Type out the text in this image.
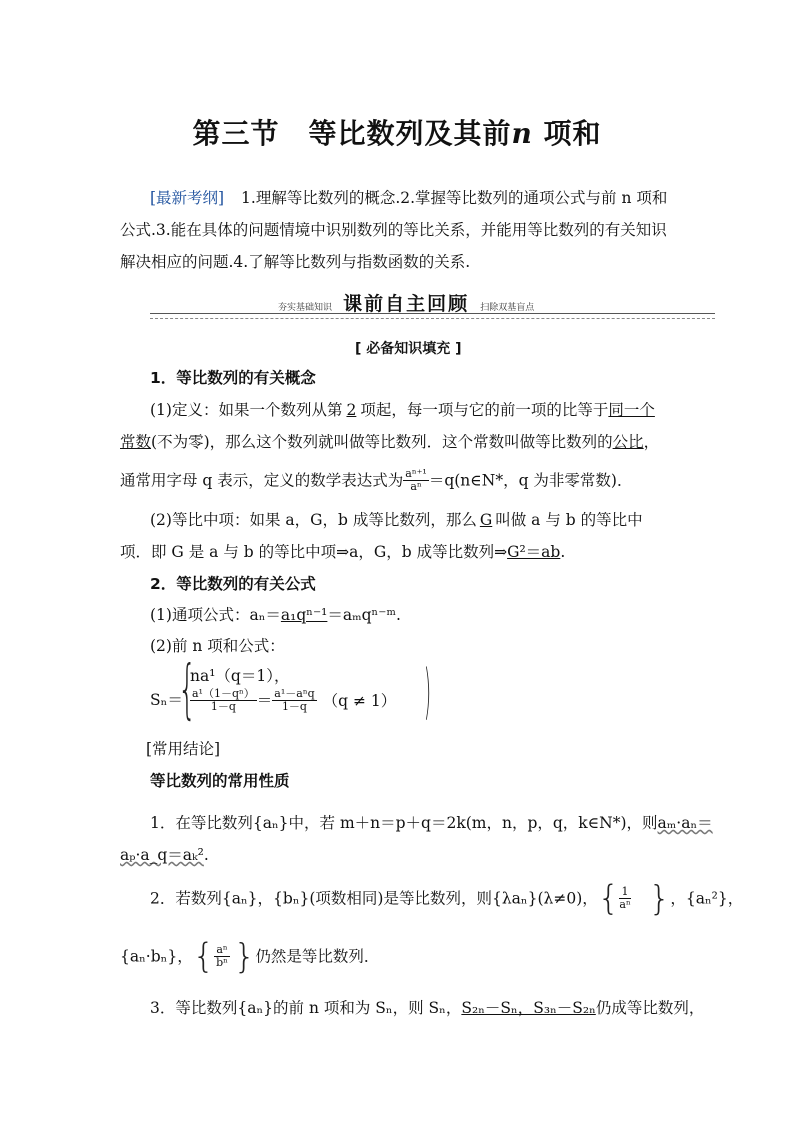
第三节　等比数列及其前n 项和
[最新考纲] 1.理解等比数列的概念.2.掌握等比数列的通项公式与前 n 项和
公式.3.能在具体的问题情境中识别数列的等比关系，并能用等比数列的有关知识
解决相应的问题.4.了解等比数列与指数函数的关系.
夯实基础知识 课前自主回顾 扫除双基盲点
[ 必备知识填充 ]
1．等比数列的有关概念
(1)定义：如果一个数列从第 2 项起，每一项与它的前一项的比等于同一个
常数(不为零)，那么这个数列就叫做等比数列．这个常数叫做等比数列的公比，
通常用字母 q 表示，定义的数学表达式为 $\frac{\text{aⁿ⁺¹}}{\text{aⁿ}}$ ＝q(n∈N*，q 为非零常数)．
(2)等比中项：如果 a，G，b 成等比数列，那么 G 叫做 a 与 b 的等比中
项．即 G 是 a 与 b 的等比中项⇒a，G，b 成等比数列⇒G²＝ab.
2．等比数列的有关公式
(1)通项公式：aₙ＝a₁qⁿ⁻¹＝aₘqⁿ⁻ᵐ.
(2)前 n 项和公式：
Sₙ＝
{
na¹（q＝1），
$\frac{\text{a¹（1－qⁿ）}}{1-q} = \frac{\text{a¹－aⁿq}}{1-q} (q \ne 1)$ )
[常用结论]
等比数列的常用性质
1．在等比数列{aₙ}中，若 m＋n＝p＋q＝2k(m，n，p，q，k∈N*)，则aₘ·aₙ＝
aₚ·a_q＝aₖ².
2．若数列{aₙ}，{bₙ}(项数相同)是等比数列，则{λaₙ}(λ≠0)，{ $\frac{1}{\text{aⁿ}}$ }，{aₙ²}，
{aₙ·bₙ}，{ $\frac{\text{aⁿ}}{\text{bⁿ}}$ }仍然是等比数列．
3．等比数列{aₙ}的前 n 项和为 Sₙ，则 Sₙ，S₂ₙ－Sₙ，S₃ₙ－S₂ₙ仍成等比数列，
